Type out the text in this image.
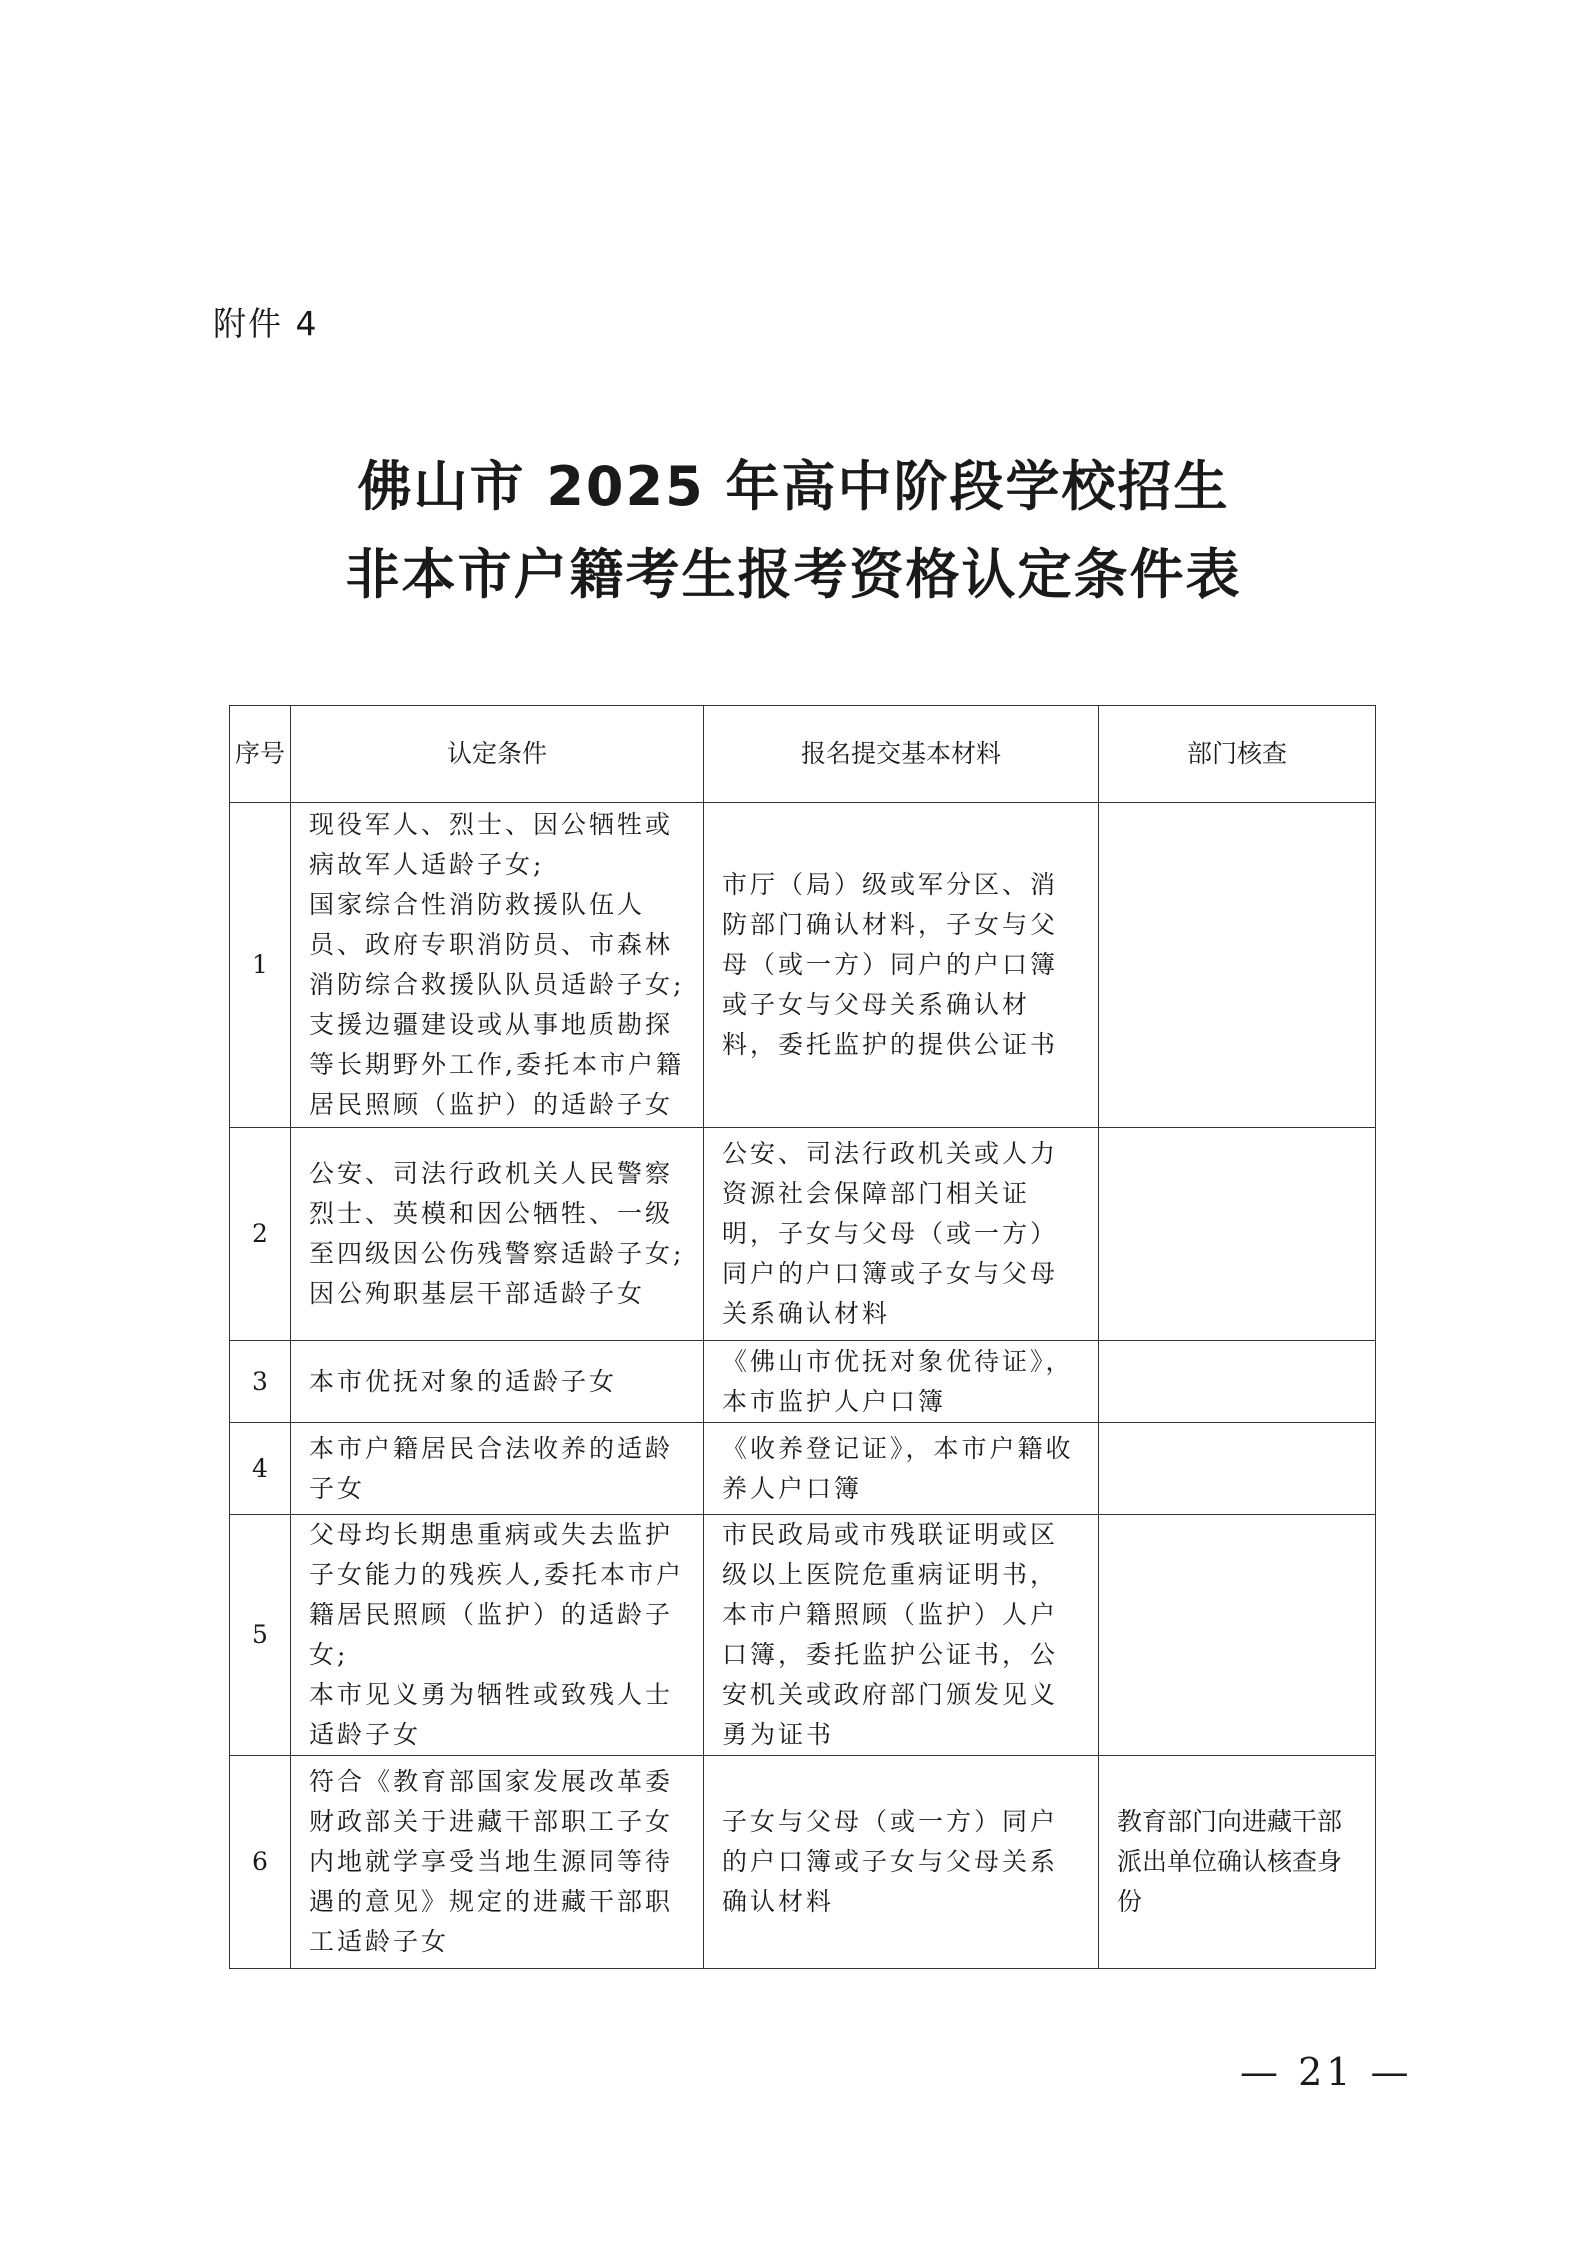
附件 4
佛山市 2025 年高中阶段学校招生
非本市户籍考生报考资格认定条件表
序号	认定条件	报名提交基本材料	部门核查
1	现役军人、烈士、因公牺牲或病故军人适龄子女;
国家综合性消防救援队伍人员、政府专职消防员、市森林消防综合救援队队员适龄子女;
支援边疆建设或从事地质勘探等长期野外工作,委托本市户籍居民照顾（监护）的适龄子女	市厅（局）级或军分区、消防部门确认材料，子女与父母（或一方）同户的户口簿或子女与父母关系确认材料，委托监护的提供公证书	
2	公安、司法行政机关人民警察烈士、英模和因公牺牲、一级至四级因公伤残警察适龄子女;
因公殉职基层干部适龄子女	公安、司法行政机关或人力资源社会保障部门相关证明，子女与父母（或一方）同户的户口簿或子女与父母关系确认材料	
3	本市优抚对象的适龄子女	《佛山市优抚对象优待证》，本市监护人户口簿	
4	本市户籍居民合法收养的适龄子女	《收养登记证》，本市户籍收养人户口簿	
5	父母均长期患重病或失去监护子女能力的残疾人,委托本市户籍居民照顾（监护）的适龄子女;
本市见义勇为牺牲或致残人士适龄子女	市民政局或市残联证明或区级以上医院危重病证明书，本市户籍照顾（监护）人户口簿，委托监护公证书，公安机关或政府部门颁发见义勇为证书	
6	符合《教育部国家发展改革委财政部关于进藏干部职工子女内地就学享受当地生源同等待遇的意见》规定的进藏干部职工适龄子女	子女与父母（或一方）同户的户口簿或子女与父母关系确认材料	教育部门向进藏干部派出单位确认核查身份
— 21 —
